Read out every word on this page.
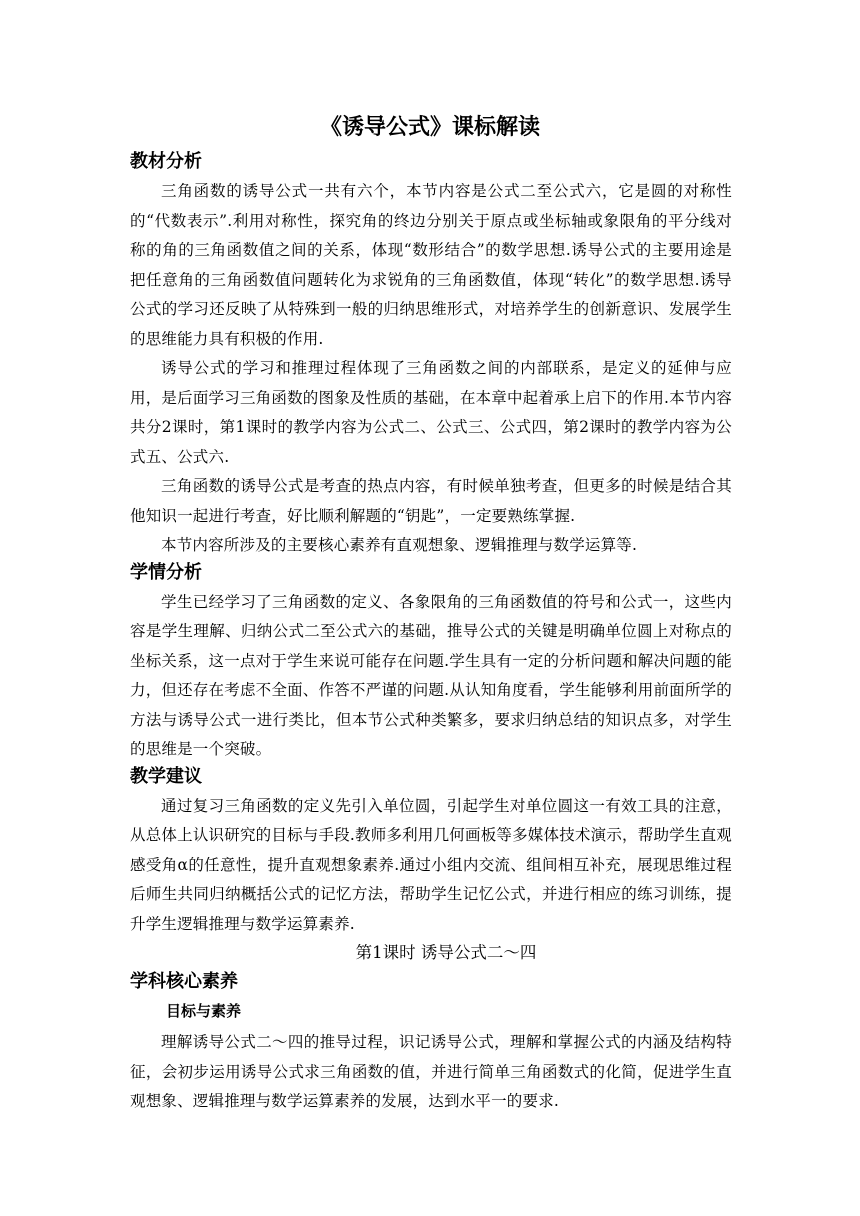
《诱导公式》课标解读
教材分析

三角函数的诱导公式一共有六个，本节内容是公式二至公式六，它是圆的对称性的“代数表示”.利用对称性，探究角的终边分别关于原点或坐标轴或象限角的平分线对称的角的三角函数值之间的关系，体现“数形结合”的数学思想.诱导公式的主要用途是把任意角的三角函数值问题转化为求锐角的三角函数值，体现“转化”的数学思想.诱导公式的学习还反映了从特殊到一般的归纳思维形式，对培养学生的创新意识、发展学生的思维能力具有积极的作用.

诱导公式的学习和推理过程体现了三角函数之间的内部联系，是定义的延伸与应用，是后面学习三角函数的图象及性质的基础，在本章中起着承上启下的作用.本节内容共分2课时，第1课时的教学内容为公式二、公式三、公式四，第2课时的教学内容为公式五、公式六.

三角函数的诱导公式是考查的热点内容，有时候单独考查，但更多的时候是结合其他知识一起进行考查，好比顺利解题的“钥匙”，一定要熟练掌握.

本节内容所涉及的主要核心素养有直观想象、逻辑推理与数学运算等.

学情分析

学生已经学习了三角函数的定义、各象限角的三角函数值的符号和公式一，这些内容是学生理解、归纳公式二至公式六的基础，推导公式的关键是明确单位圆上对称点的坐标关系，这一点对于学生来说可能存在问题.学生具有一定的分析问题和解决问题的能力，但还存在考虑不全面、作答不严谨的问题.从认知角度看，学生能够利用前面所学的方法与诱导公式一进行类比，但本节公式种类繁多，要求归纳总结的知识点多，对学生的思维是一个突破。

教学建议

通过复习三角函数的定义先引入单位圆，引起学生对单位圆这一有效工具的注意，从总体上认识研究的目标与手段.教师多利用几何画板等多媒体技术演示，帮助学生直观感受角α的任意性，提升直观想象素养.通过小组内交流、组间相互补充，展现思维过程后师生共同归纳概括公式的记忆方法，帮助学生记忆公式，并进行相应的练习训练，提升学生逻辑推理与数学运算素养.

第1课时 诱导公式二～四
学科核心素养
目标与素养

理解诱导公式二～四的推导过程，识记诱导公式，理解和掌握公式的内涵及结构特征，会初步运用诱导公式求三角函数的值，并进行简单三角函数式的化简，促进学生直观想象、逻辑推理与数学运算素养的发展，达到水平一的要求.
